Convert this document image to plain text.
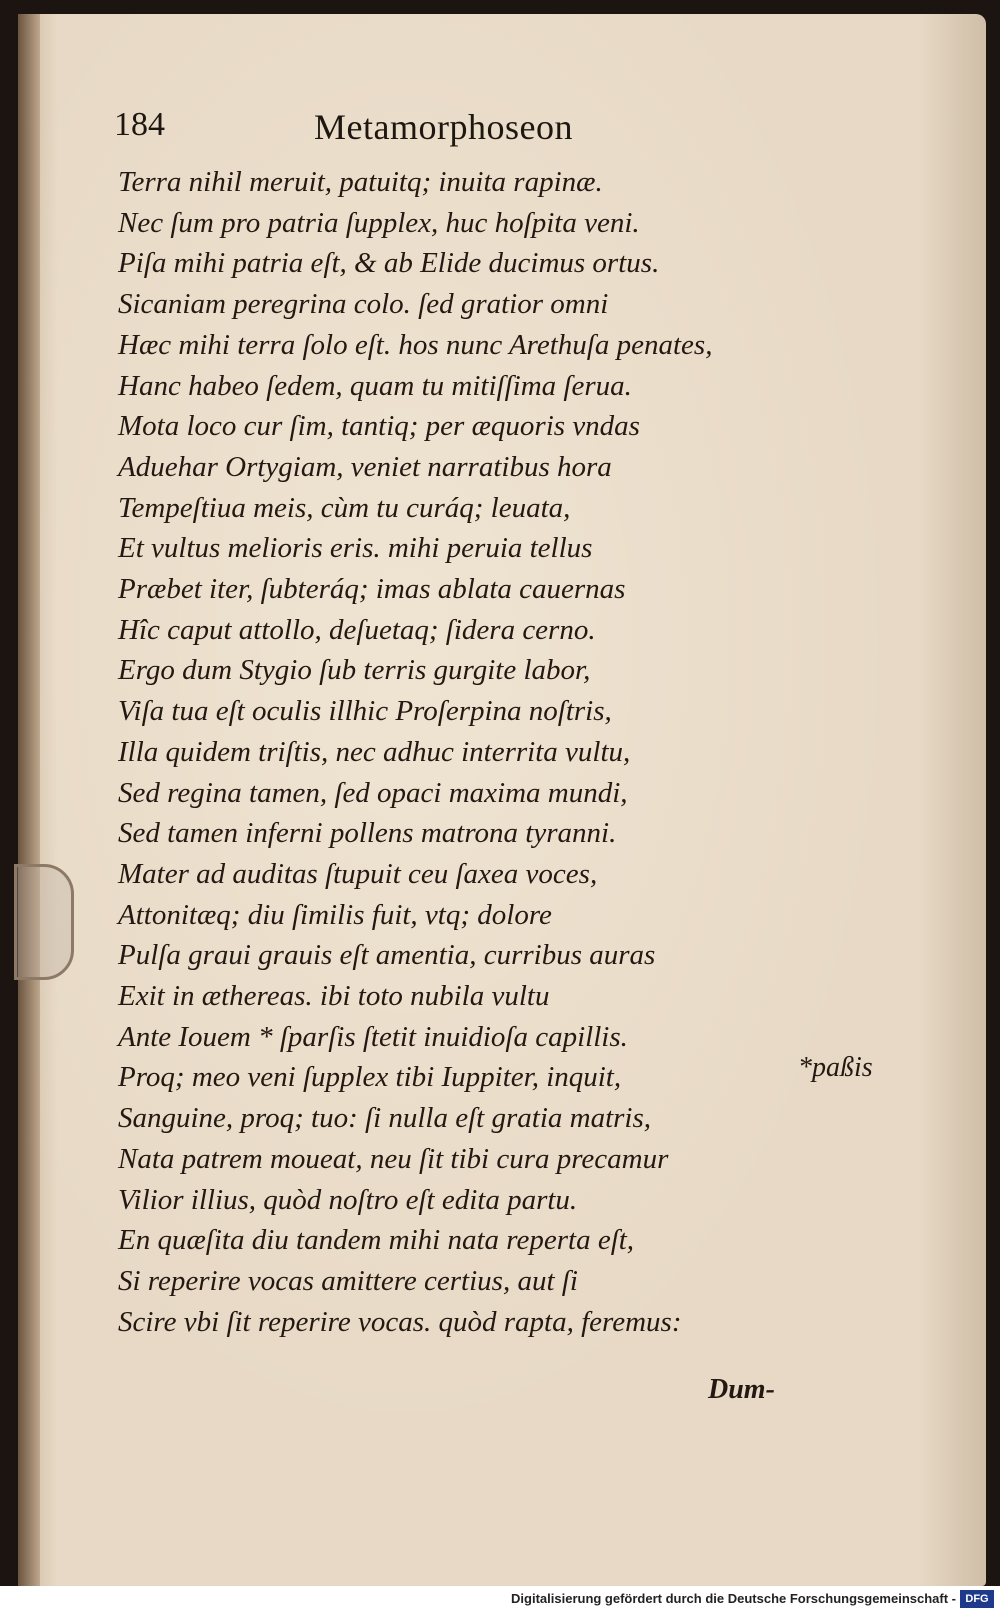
184	Metamorphoseon
Terra nihil meruit, patuitq; inuita rapinæ.
Nec ſum pro patria ſupplex, huc hoſpita veni.
Piſa mihi patria eſt, & ab Elide ducimus ortus.
Sicaniam peregrina colo. ſed gratior omni
Hæc mihi terra ſolo eſt. hos nunc Arethuſa penates,
Hanc habeo ſedem, quam tu mitiſſima ſerua.
Mota loco cur ſim, tantiq; per æquoris vndas
Aduehar Ortygiam, veniet narratibus hora
Tempeſtiua meis, cùm tu curáq; leuata,
Et vultus melioris eris. mihi peruia tellus
Præbet iter, ſubteráq; imas ablata cauernas
Hîc caput attollo, deſuetaq; ſidera cerno.
Ergo dum Stygio ſub terris gurgite labor,
Viſa tua eſt oculis illhic Proſerpina noſtris,
Illa quidem triſtis, nec adhuc interrita vultu,
Sed regina tamen, ſed opaci maxima mundi,
Sed tamen inferni pollens matrona tyranni.
Mater ad auditas ſtupuit ceu ſaxea voces,
Attonitæq; diu ſimilis fuit, vtq; dolore
Pulſa graui grauis eſt amentia, curribus auras
Exit in æthereas. ibi toto nubila vultu
Ante Iouem * ſparſis ſtetit inuidioſa capillis.
Proq; meo veni ſupplex tibi Iuppiter, inquit,
Sanguine, proq; tuo: ſi nulla eſt gratia matris,
Nata patrem moueat, neu ſit tibi cura precamur
Vilior illius, quòd noſtro eſt edita partu.
En quæſita diu tandem mihi nata reperta eſt,
Si reperire vocas amittere certius, aut ſi
Scire vbi ſit reperire vocas. quòd rapta, feremus:
*paßis
Dum-
Digitalisierung gefördert durch die Deutsche Forschungsgemeinschaft - DFG
